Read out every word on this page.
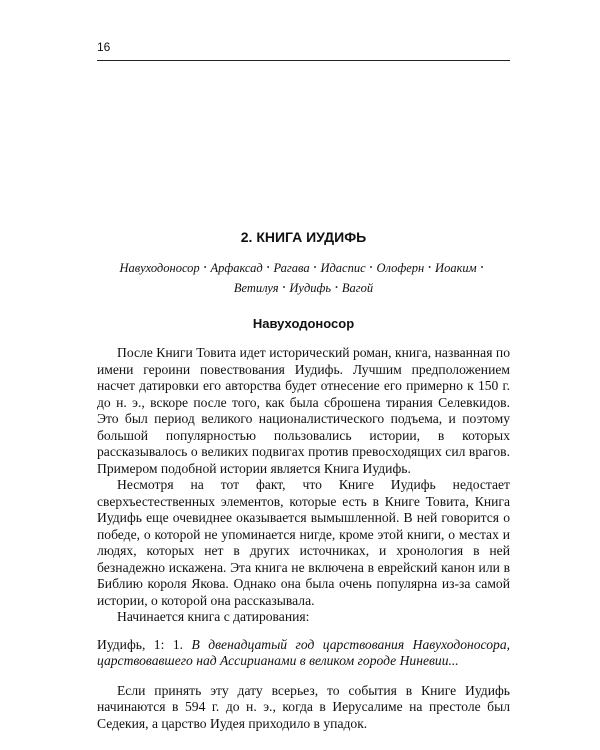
16
2. КНИГА ИУДИФЬ
Навуходоносор • Арфаксад • Рагава • Идаспис • Олоферн • Иоаким •
Ветилуя • Иудифь • Вагой
Навуходоносор

После Книги Товита идет исторический роман, книга, названная по имени героини повествования Иудифь. Лучшим предположением насчет датировки его авторства будет отнесение его примерно к 150 г. до н. э., вскоре после того, как была сброшена тирания Селевкидов. Это был период великого националистического подъема, и поэтому большой популярностью пользовались истории, в которых рассказывалось о великих подвигах против превосходящих сил врагов. Примером подобной истории является Книга Иудифь.

Несмотря на тот факт, что Книге Иудифь недостает сверхъестественных элементов, которые есть в Книге Товита, Книга Иудифь еще очевиднее оказывается вымышленной. В ней говорится о победе, о которой не упоминается нигде, кроме этой книги, о местах и людях, которых нет в других источниках, и хронология в ней безнадежно искажена. Эта книга не включена в еврейский канон или в Библию короля Якова. Однако она была очень популярна из-за самой истории, о которой она рассказывала.

Начинается книга с датирования:

Иудифь, 1: 1. В двенадцатый год царствования Навуходоносора, царствовавшего над Ассирианами в великом городе Ниневии...

Если принять эту дату всерьез, то события в Книге Иудифь начинаются в 594 г. до н. э., когда в Иерусалиме на престоле был Седекия, а царство Иудея приходило в упадок.
